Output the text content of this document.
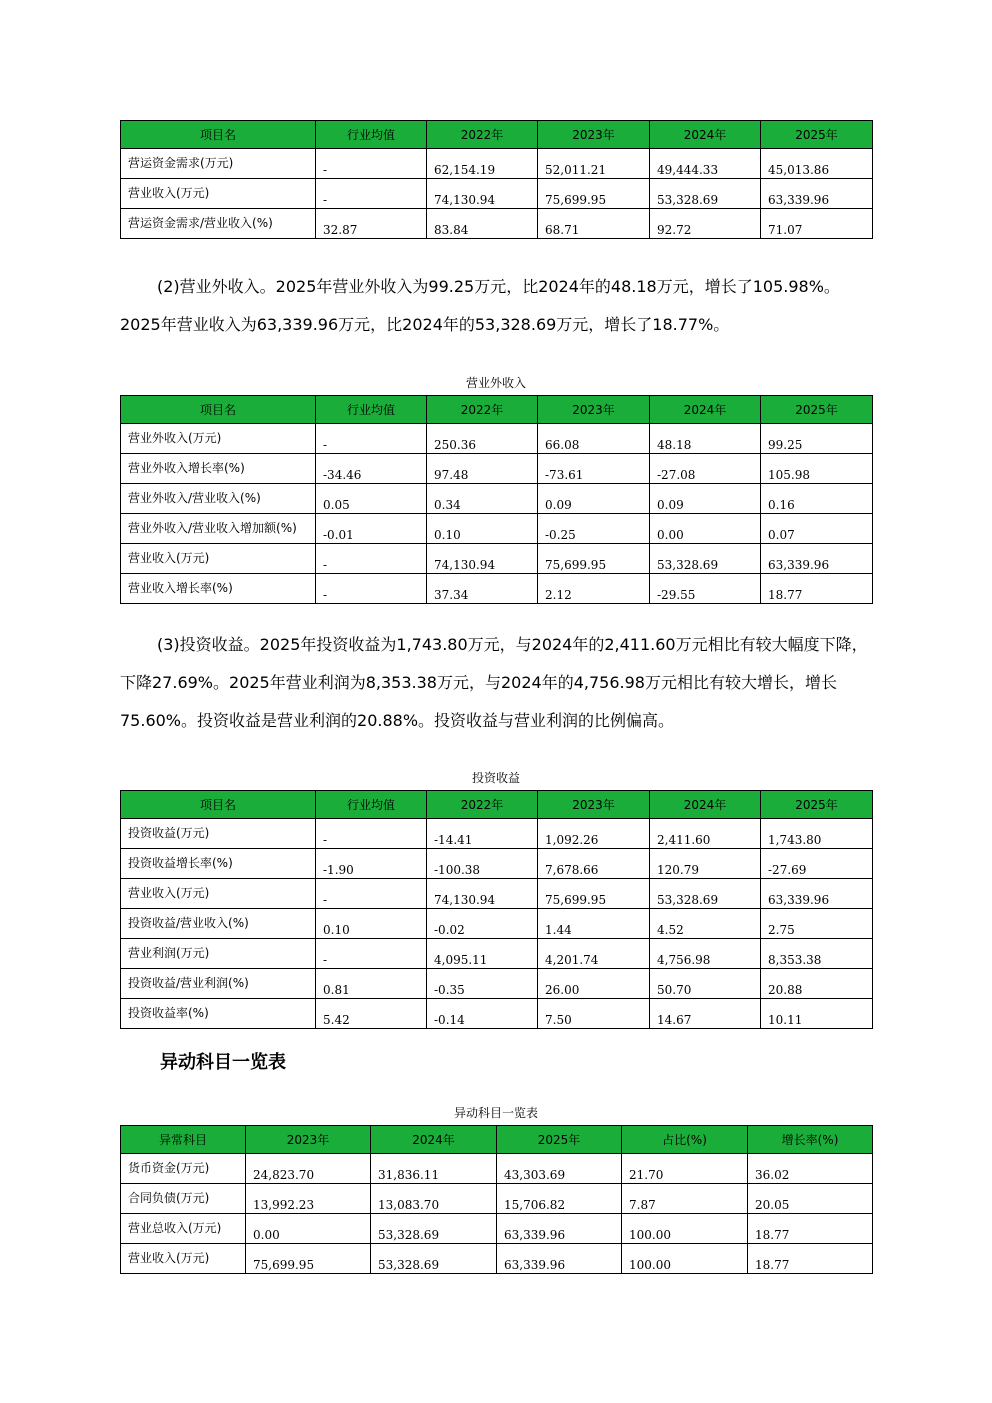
项目名	行业均值	2022年	2023年	2024年	2025年
营运资金需求(万元)	-	62,154.19	52,011.21	49,444.33	45,013.86
营业收入(万元)	-	74,130.94	75,699.95	53,328.69	63,339.96
营运资金需求/营业收入(%)	32.87	83.84	68.71	92.72	71.07

(2)营业外收入。2025年营业外收入为99.25万元，比2024年的48.18万元，增长了105.98%。2025年营业收入为63,339.96万元，比2024年的53,328.69万元，增长了18.77%。

营业外收入
项目名	行业均值	2022年	2023年	2024年	2025年
营业外收入(万元)	-	250.36	66.08	48.18	99.25
营业外收入增长率(%)	-34.46	97.48	-73.61	-27.08	105.98
营业外收入/营业收入(%)	0.05	0.34	0.09	0.09	0.16
营业外收入/营业收入增加额(%)	-0.01	0.10	-0.25	0.00	0.07
营业收入(万元)	-	74,130.94	75,699.95	53,328.69	63,339.96
营业收入增长率(%)	-	37.34	2.12	-29.55	18.77

(3)投资收益。2025年投资收益为1,743.80万元，与2024年的2,411.60万元相比有较大幅度下降，下降27.69%。2025年营业利润为8,353.38万元，与2024年的4,756.98万元相比有较大增长，增长75.60%。投资收益是营业利润的20.88%。投资收益与营业利润的比例偏高。

投资收益
项目名	行业均值	2022年	2023年	2024年	2025年
投资收益(万元)	-	-14.41	1,092.26	2,411.60	1,743.80
投资收益增长率(%)	-1.90	-100.38	7,678.66	120.79	-27.69
营业收入(万元)	-	74,130.94	75,699.95	53,328.69	63,339.96
投资收益/营业收入(%)	0.10	-0.02	1.44	4.52	2.75
营业利润(万元)	-	4,095.11	4,201.74	4,756.98	8,353.38
投资收益/营业利润(%)	0.81	-0.35	26.00	50.70	20.88
投资收益率(%)	5.42	-0.14	7.50	14.67	10.11
异动科目一览表
异动科目一览表
异常科目	2023年	2024年	2025年	占比(%)	增长率(%)
货币资金(万元)	24,823.70	31,836.11	43,303.69	21.70	36.02
合同负债(万元)	13,992.23	13,083.70	15,706.82	7.87	20.05
营业总收入(万元)	0.00	53,328.69	63,339.96	100.00	18.77
营业收入(万元)	75,699.95	53,328.69	63,339.96	100.00	18.77
